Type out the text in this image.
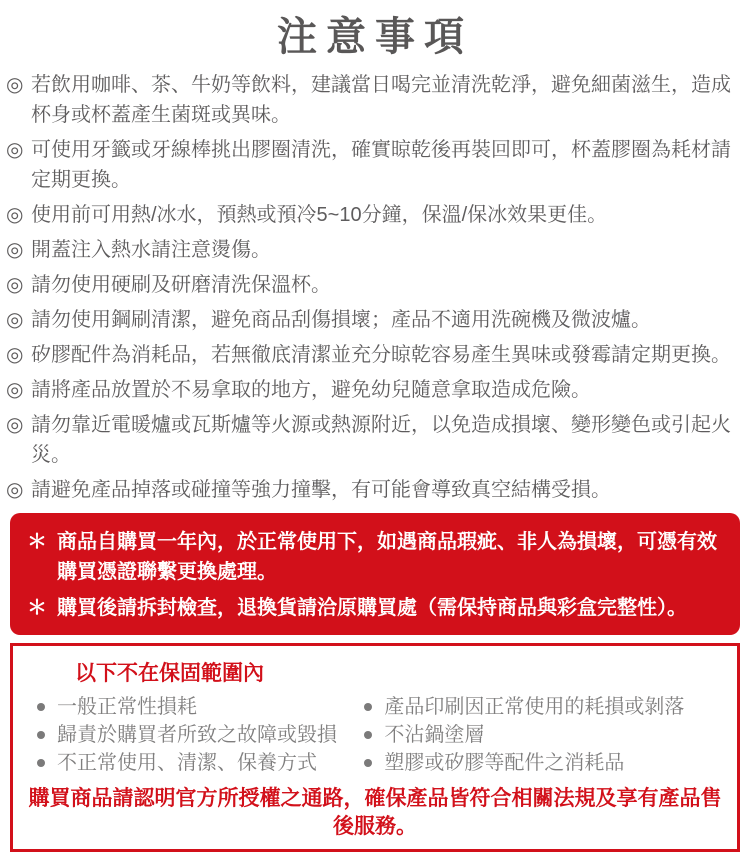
注意事項
◎ 若飲用咖啡、茶、牛奶等飲料，建議當日喝完並清洗乾淨，避免細菌滋生，造成杯身或杯蓋產生菌斑或異味。
◎ 可使用牙籤或牙線棒挑出膠圈清洗，確實晾乾後再裝回即可，杯蓋膠圈為耗材請定期更換。
◎ 使用前可用熱/冰水，預熱或預冷5~10分鐘，保溫/保冰效果更佳。
◎ 開蓋注入熱水請注意燙傷。
◎ 請勿使用硬刷及研磨清洗保溫杯。
◎ 請勿使用鋼刷清潔，避免商品刮傷損壞；產品不適用洗碗機及微波爐。
◎ 矽膠配件為消耗品，若無徹底清潔並充分晾乾容易產生異味或發霉請定期更換。
◎ 請將產品放置於不易拿取的地方，避免幼兒隨意拿取造成危險。
◎ 請勿靠近電暖爐或瓦斯爐等火源或熱源附近，以免造成損壞、變形變色或引起火災。
◎ 請避免產品掉落或碰撞等強力撞擊，有可能會導致真空結構受損。
＊ 商品自購買一年內，於正常使用下，如遇商品瑕疵、非人為損壞，可憑有效購買憑證聯繫更換處理。
＊ 購買後請拆封檢查，退換貨請洽原購買處（需保持商品與彩盒完整性）。
以下不在保固範圍內
一般正常性損耗
歸責於購買者所致之故障或毀損
不正常使用、清潔、保養方式
產品印刷因正常使用的耗損或剝落
不沾鍋塗層
塑膠或矽膠等配件之消耗品
購買商品請認明官方所授權之通路，確保產品皆符合相關法規及享有產品售後服務。
